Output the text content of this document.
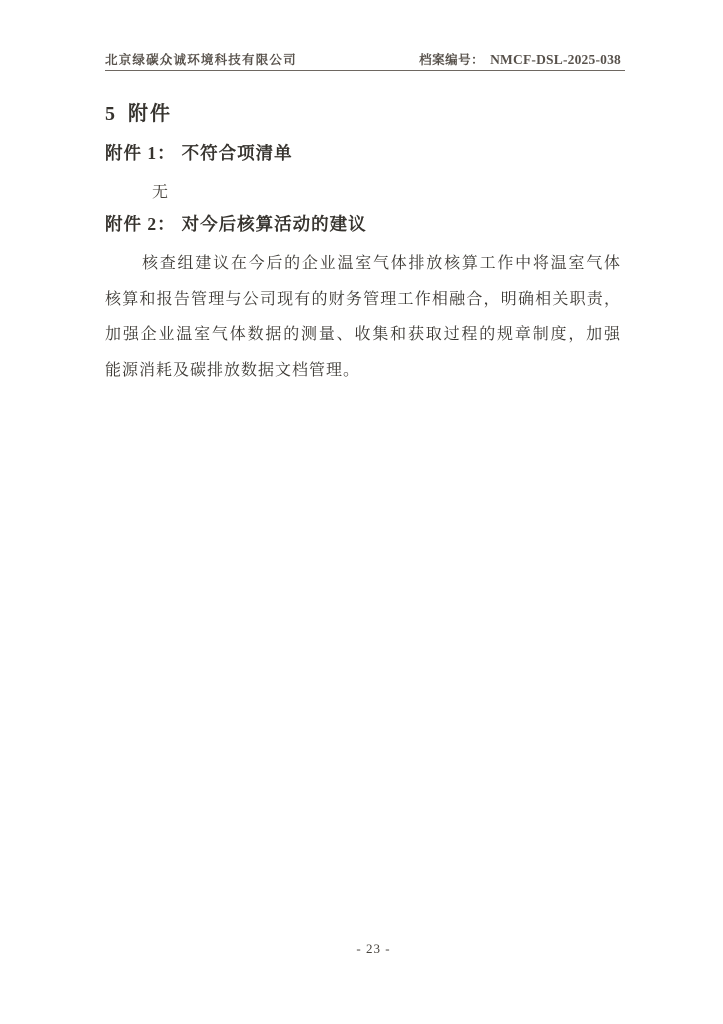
北京绿碳众诚环境科技有限公司	档案编号： NMCF-DSL-2025-038
5 附件
附件 1： 不符合项清单

无

附件 2： 对今后核算活动的建议
核查组建议在今后的企业温室气体排放核算工作中将温室气体
核算和报告管理与公司现有的财务管理工作相融合，明确相关职责，
加强企业温室气体数据的测量、收集和获取过程的规章制度，加强
能源消耗及碳排放数据文档管理。
- 23 -
